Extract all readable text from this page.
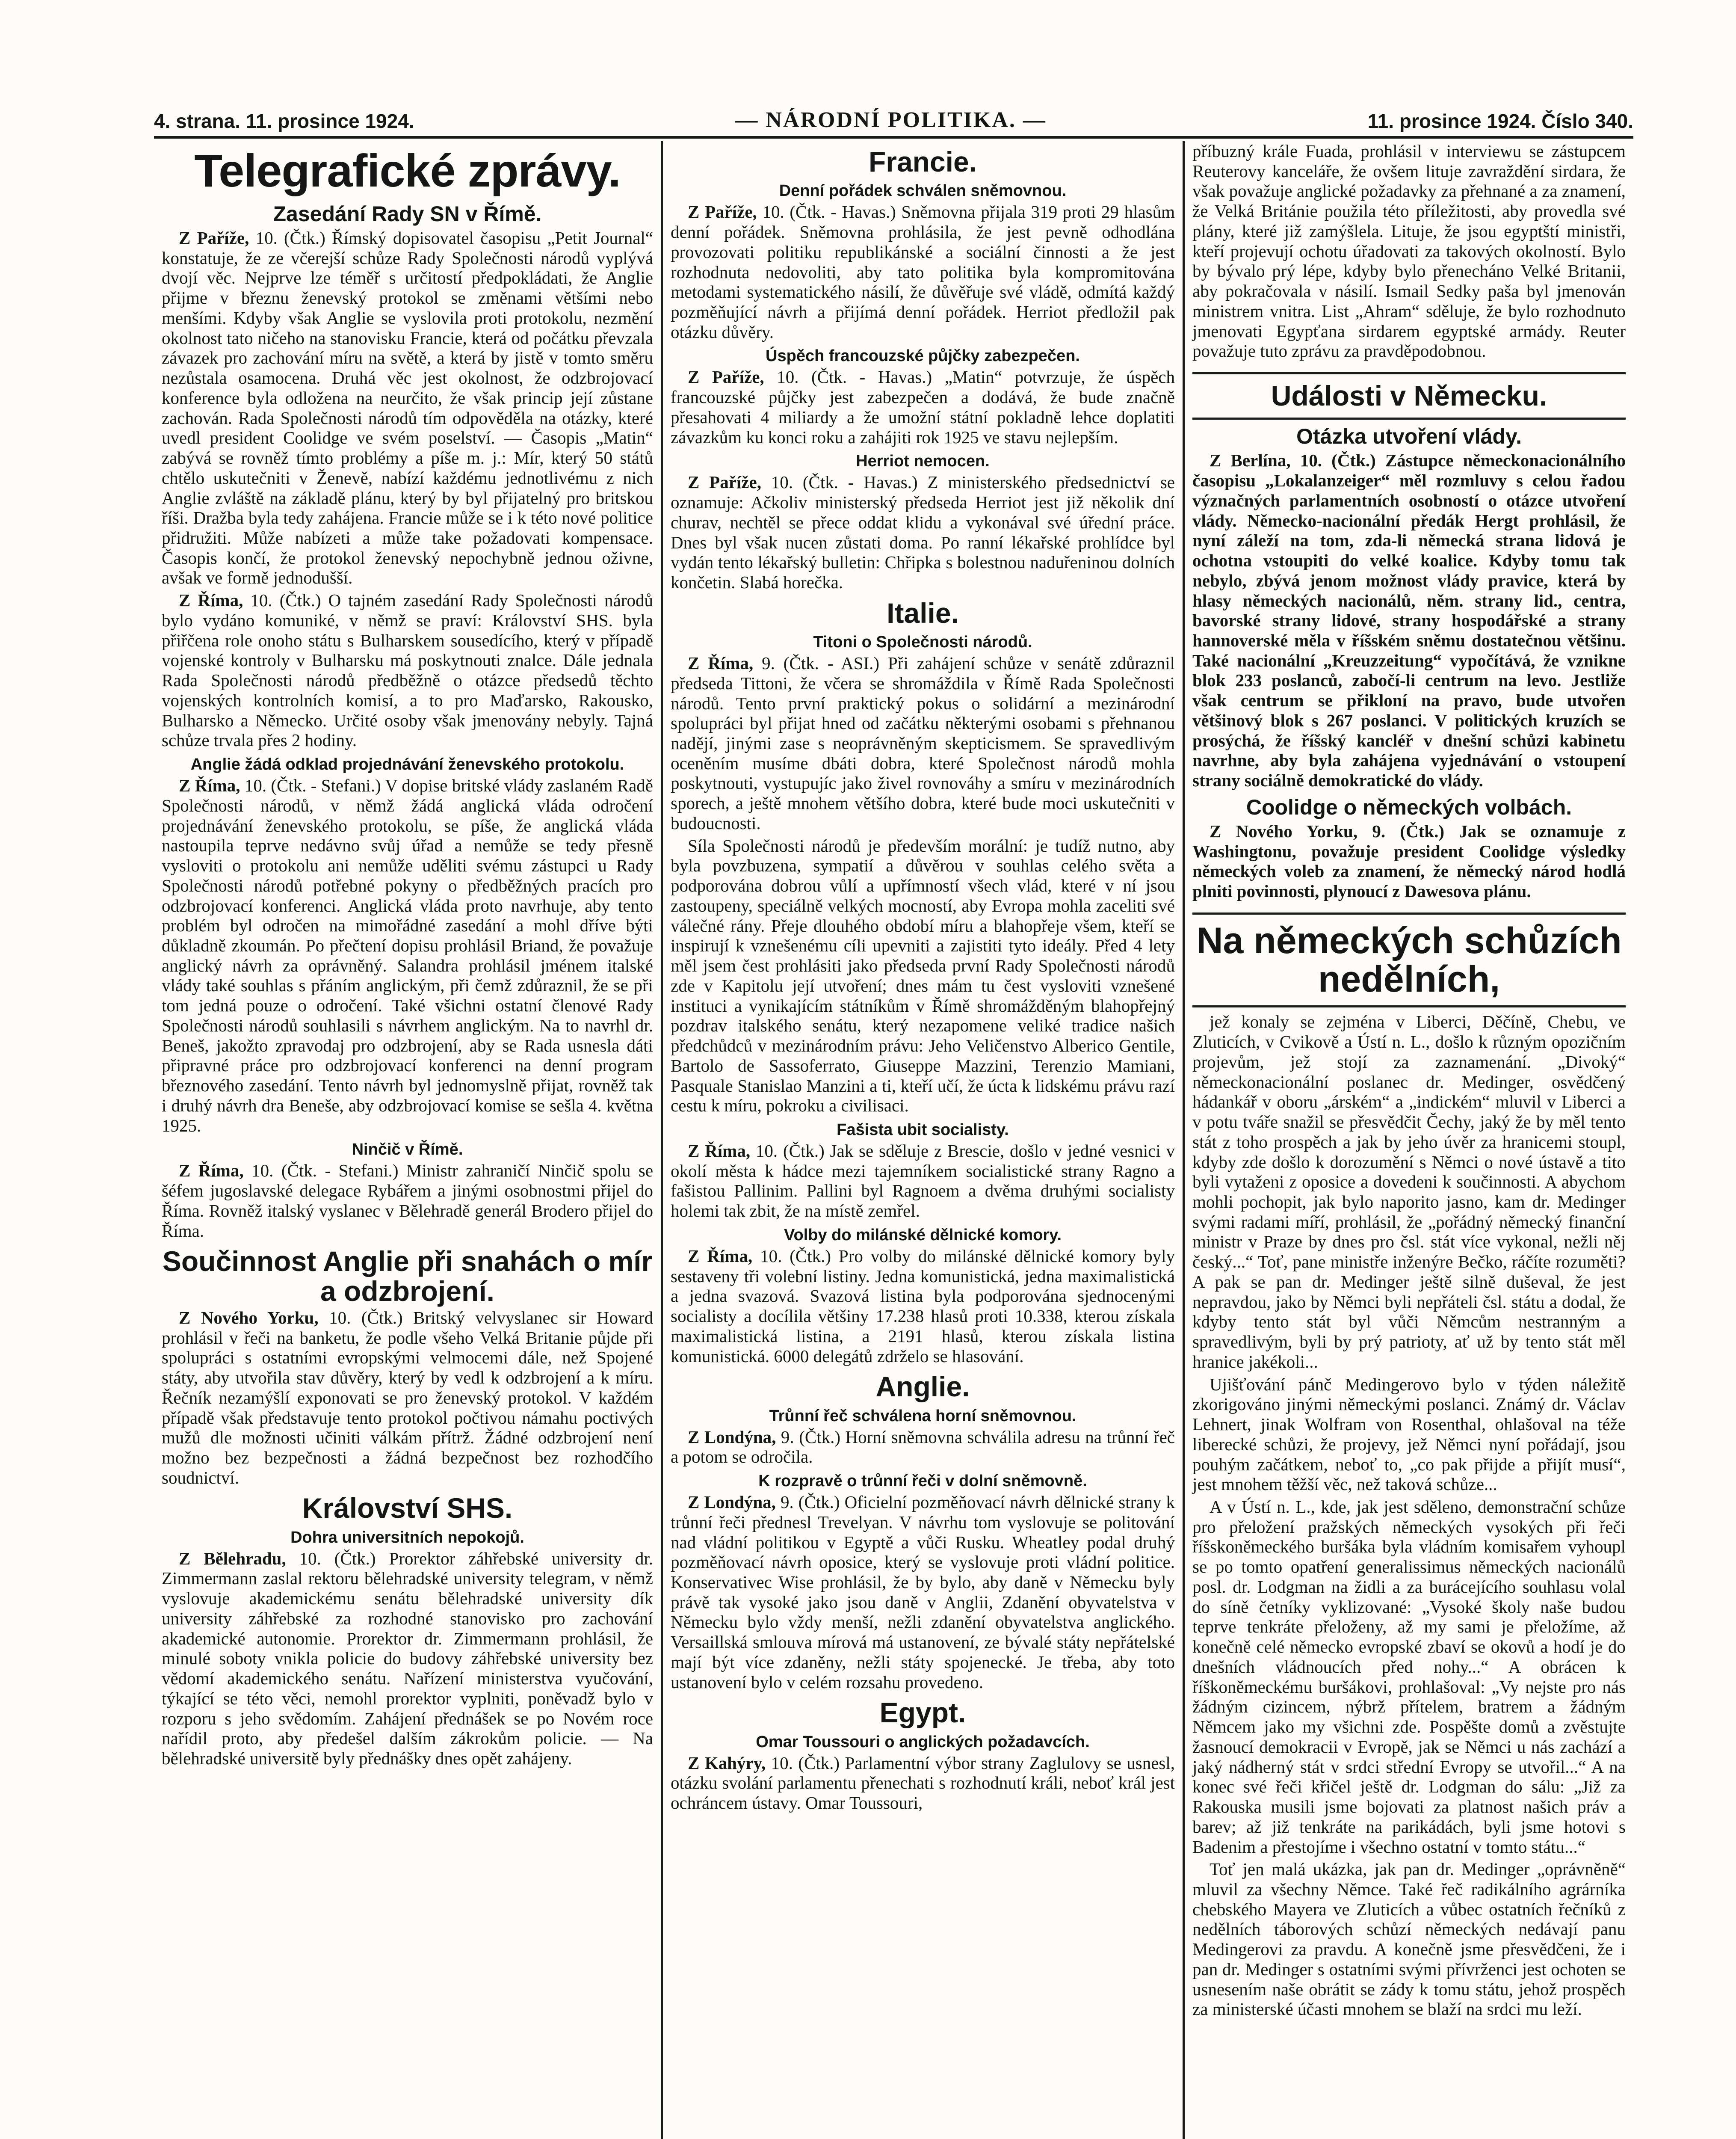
4. strana. 11. prosince 1924.	— NÁRODNÍ POLITIKA. —	11. prosince 1924. Číslo 340.
Telegrafické zprávy.
Zasedání Rady SN v Římě.

Z Paříže, 10. (Čtk.) Římský dopisovatel časopisu „Petit Journal“ konstatuje, že ze včerejší schůze Rady Společnosti národů vyplývá dvojí věc. Nejprve lze téměř s určitostí předpokládati, že Anglie přijme v březnu ženevský protokol se změnami většími nebo menšími. Kdyby však Anglie se vyslovila proti protokolu, nezmění okolnost tato ničeho na stanovisku Francie, která od počátku převzala závazek pro zachování míru na světě, a která by jistě v tomto směru nezůstala osamocena. Druhá věc jest okolnost, že odzbrojovací konference byla odložena na neurčito, že však princip její zůstane zachován. Rada Společnosti národů tím odpověděla na otázky, které uvedl president Coolidge ve svém poselství. — Časopis „Matin“ zabývá se rovněž tímto problémy a píše m. j.: Mír, který 50 států chtělo uskutečniti v Ženevě, nabízí každému jednotlivému z nich Anglie zvláště na základě plánu, který by byl přijatelný pro britskou říši. Dražba byla tedy zahájena. Francie může se i k této nové politice přidružiti. Může nabízeti a může take požadovati kompensace. Časopis končí, že protokol ženevský nepochybně jednou oživne, avšak ve formě jednodušší.

Z Říma, 10. (Čtk.) O tajném zasedání Rady Společnosti národů bylo vydáno komuniké, v němž se praví: Království SHS. byla přiřčena role onoho státu s Bulharskem sousedícího, který v případě vojenské kontroly v Bulharsku má poskytnouti znalce. Dále jednala Rada Společnosti národů předběžně o otázce předsedů těchto vojenských kontrolních komisí, a to pro Maďarsko, Rakousko, Bulharsko a Německo. Určité osoby však jmenovány nebyly. Tajná schůze trvala přes 2 hodiny.

Anglie žádá odklad projednávání ženevského protokolu.

Z Říma, 10. (Čtk. - Stefani.) V dopise britské vlády zaslaném Radě Společnosti národů, v němž žádá anglická vláda odročení projednávání ženevského protokolu, se píše, že anglická vláda nastoupila teprve nedávno svůj úřad a nemůže se tedy přesně vysloviti o protokolu ani nemůže uděliti svému zástupci u Rady Společnosti národů potřebné pokyny o předběžných pracích pro odzbrojovací konferenci. Anglická vláda proto navrhuje, aby tento problém byl odročen na mimořádné zasedání a mohl dříve býti důkladně zkoumán. Po přečtení dopisu prohlásil Briand, že považuje anglický návrh za oprávněný. Salandra prohlásil jménem italské vlády také souhlas s přáním anglickým, při čemž zdůraznil, že se při tom jedná pouze o odročení. Také všichni ostatní členové Rady Společnosti národů souhlasili s návrhem anglickým. Na to navrhl dr. Beneš, jakožto zpravodaj pro odzbrojení, aby se Rada usnesla dáti připravné práce pro odzbrojovací konferenci na denní program březnového zasedání. Tento návrh byl jednomyslně přijat, rovněž tak i druhý návrh dra Beneše, aby odzbrojovací komise se sešla 4. května 1925.

Ninčič v Římě.

Z Říma, 10. (Čtk. - Stefani.) Ministr zahraničí Ninčič spolu se šéfem jugoslavské delegace Rybářem a jinými osobnostmi přijel do Říma. Rovněž italský vyslanec v Bělehradě generál Brodero přijel do Říma.

Součinnost Anglie při snahách o mír a odzbrojení.

Z Nového Yorku, 10. (Čtk.) Britský velvyslanec sir Howard prohlásil v řeči na banketu, že podle všeho Velká Britanie půjde při spolupráci s ostatními evropskými velmocemi dále, než Spojené státy, aby utvořila stav důvěry, který by vedl k odzbrojení a k míru. Řečník nezamýšlí exponovati se pro ženevský protokol. V každém případě však představuje tento protokol počtivou námahu poctivých mužů dle možnosti učiniti válkám přítrž. Žádné odzbrojení není možno bez bezpečnosti a žádná bezpečnost bez rozhodčího soudnictví.

Království SHS.
Dohra universitních nepokojů.

Z Bělehradu, 10. (Čtk.) Prorektor záhřebské university dr. Zimmermann zaslal rektoru bělehradské university telegram, v němž vyslovuje akademickému senátu bělehradské university dík university záhřebské za rozhodné stanovisko pro zachování akademické autonomie. Prorektor dr. Zimmermann prohlásil, že minulé soboty vnikla policie do budovy záhřebské university bez vědomí akademického senátu. Nařízení ministerstva vyučování, týkající se této věci, nemohl prorektor vyplniti, poněvadž bylo v rozporu s jeho svědomím. Zahájení přednášek se po Novém roce nařídil proto, aby předešel dalším zákrokům policie. — Na bělehradské universitě byly přednášky dnes opět zahájeny.

Francie.
Denní pořádek schválen sněmovnou.

Z Paříže, 10. (Čtk. - Havas.) Sněmovna přijala 319 proti 29 hlasům denní pořádek. Sněmovna prohlásila, že jest pevně odhodlána provozovati politiku republikánské a sociální činnosti a že jest rozhodnuta nedovoliti, aby tato politika byla kompromitována metodami systematického násilí, že důvěřuje své vládě, odmítá každý pozměňující návrh a přijímá denní pořádek. Herriot předložil pak otázku důvěry.

Úspěch francouzské půjčky zabezpečen.

Z Paříže, 10. (Čtk. - Havas.) „Matin“ potvrzuje, že úspěch francouzské půjčky jest zabezpečen a dodává, že bude značně přesahovati 4 miliardy a že umožní státní pokladně lehce doplatiti závazkům ku konci roku a zahájiti rok 1925 ve stavu nejlepším.

Herriot nemocen.

Z Paříže, 10. (Čtk. - Havas.) Z ministerského předsednictví se oznamuje: Ačkoliv ministerský předseda Herriot jest již několik dní churav, nechtěl se přece oddat klidu a vykonával své úřední práce. Dnes byl však nucen zůstati doma. Po ranní lékařské prohlídce byl vydán tento lékařský bulletin: Chřipka s bolestnou naduřeninou dolních končetin. Slabá horečka.

Italie.
Titoni o Společnosti národů.

Z Říma, 9. (Čtk. - ASI.) Při zahájení schůze v senátě zdůraznil předseda Tittoni, že včera se shromáždila v Římě Rada Společnosti národů. Tento první praktický pokus o solidární a mezinárodní spolupráci byl přijat hned od začátku některými osobami s přehnanou nadějí, jinými zase s neoprávněným skepticismem. Se spravedlivým oceněním musíme dbáti dobra, které Společnost národů mohla poskytnouti, vystupujíc jako živel rovnováhy a smíru v mezinárodních sporech, a ještě mnohem většího dobra, které bude moci uskutečniti v budoucnosti.

Síla Společnosti národů je především morální: je tudíž nutno, aby byla povzbuzena, sympatií a důvěrou v souhlas celého světa a podporována dobrou vůlí a upřímností všech vlád, které v ní jsou zastoupeny, speciálně velkých mocností, aby Evropa mohla zaceliti své válečné rány. Přeje dlouhého období míru a blahopřeje všem, kteří se inspirují k vznešenému cíli upevniti a zajistiti tyto ideály. Před 4 lety měl jsem čest prohlásiti jako předseda první Rady Společnosti národů zde v Kapitolu její utvoření; dnes mám tu čest vysloviti vznešené instituci a vynikajícím státníkům v Římě shromážděným blahopřejný pozdrav italského senátu, který nezapomene veliké tradice našich předchůdců v mezinárodním právu: Jeho Veličenstvo Alberico Gentile, Bartolo de Sassoferrato, Giuseppe Mazzini, Terenzio Mamiani, Pasquale Stanislao Manzini a ti, kteří učí, že úcta k lidskému právu razí cestu k míru, pokroku a civilisaci.

Fašista ubit socialisty.

Z Říma, 10. (Čtk.) Jak se sděluje z Brescie, došlo v jedné vesnici v okolí města k hádce mezi tajemníkem socialistické strany Ragno a fašistou Pallinim. Pallini byl Ragnoem a dvěma druhými socialisty holemi tak zbit, že na místě zemřel.

Volby do milánské dělnické komory.

Z Říma, 10. (Čtk.) Pro volby do milánské dělnické komory byly sestaveny tři volební listiny. Jedna komunistická, jedna maximalistická a jedna svazová. Svazová listina byla podporována sjednocenými socialisty a docílila většiny 17.238 hlasů proti 10.338, kterou získala maximalistická listina, a 2191 hlasů, kterou získala listina komunistická. 6000 delegátů zdrželo se hlasování.

Anglie.
Trůnní řeč schválena horní sněmovnou.

Z Londýna, 9. (Čtk.) Horní sněmovna schválila adresu na trůnní řeč a potom se odročila.

K rozpravě o trůnní řeči v dolní sněmovně.

Z Londýna, 9. (Čtk.) Oficielní pozměňovací návrh dělnické strany k trůnní řeči přednesl Trevelyan. V návrhu tom vyslovuje se politování nad vládní politikou v Egyptě a vůči Rusku. Wheatley podal druhý pozměňovací návrh oposice, který se vyslovuje proti vládní politice. Konservativec Wise prohlásil, že by bylo, aby daně v Německu byly právě tak vysoké jako jsou daně v Anglii, Zdanění obyvatelstva v Německu bylo vždy menší, nežli zdanění obyvatelstva anglického. Versaillská smlouva mírová má ustanovení, ze bývalé státy nepřátelské mají být více zdaněny, nežli státy spojenecké. Je třeba, aby toto ustanovení bylo v celém rozsahu provedeno.

Egypt.
Omar Toussouri o anglických požadavcích.

Z Kahýry, 10. (Čtk.) Parlamentní výbor strany Zaglulovy se usnesl, otázku svolání parlamentu přenechati s rozhodnutí králi, neboť král jest ochráncem ústavy. Omar Toussouri,

příbuzný krále Fuada, prohlásil v interviewu se zástupcem Reuterovy kanceláře, že ovšem lituje zavraždění sirdara, že však považuje anglické požadavky za přehnané a za znamení, že Velká Británie použila této příležitosti, aby provedla své plány, které již zamýšlela. Lituje, že jsou egyptští ministři, kteří projevují ochotu úřadovati za takových okolností. Bylo by bývalo prý lépe, kdyby bylo přenecháno Velké Britanii, aby pokračovala v násilí. Ismail Sedky paša byl jmenován ministrem vnitra. List „Ahram“ sděluje, že bylo rozhodnuto jmenovati Egypťana sirdarem egyptské armády. Reuter považuje tuto zprávu za pravděpodobnou.

Události v Německu.
Otázka utvoření vlády.

Z Berlína, 10. (Čtk.) Zástupce německonacionálního časopisu „Lokalanzeiger“ měl rozmluvy s celou řadou význačných parlamentních osobností o otázce utvoření vlády. Německo-nacionální předák Hergt prohlásil, že nyní záleží na tom, zda-li německá strana lidová je ochotna vstoupiti do velké koalice. Kdyby tomu tak nebylo, zbývá jenom možnost vlády pravice, která by hlasy německých nacionálů, něm. strany lid., centra, bavorské strany lidové, strany hospodářské a strany hannoverské měla v říšském sněmu dostatečnou většinu. Také nacionální „Kreuzzeitung“ vypočítává, že vznikne blok 233 poslanců, zabočí-li centrum na levo. Jestliže však centrum se přikloní na pravo, bude utvořen většinový blok s 267 poslanci. V politických kruzích se prosýchá, že říšský kancléř v dnešní schůzi kabinetu navrhne, aby byla zahájena vyjednávání o vstoupení strany sociálně demokratické do vlády.

Coolidge o německých volbách.

Z Nového Yorku, 9. (Čtk.) Jak se oznamuje z Washingtonu, považuje president Coolidge výsledky německých voleb za znamení, že německý národ hodlá plniti povinnosti, plynoucí z Dawesova plánu.

Na německých schůzích nedělních,

jež konaly se zejména v Liberci, Děčíně, Chebu, ve Zluticích, v Cvikově a Ústí n. L., došlo k různým opozičním projevům, jež stojí za zaznamenání. „Divoký“ německonacionální poslanec dr. Medinger, osvědčený hádankář v oboru „árském“ a „indickém“ mluvil v Liberci a v potu tváře snažil se přesvědčit Čechy, jaký že by měl tento stát z toho prospěch a jak by jeho úvěr za hranicemi stoupl, kdyby zde došlo k dorozumění s Němci o nové ústavě a tito byli vytaženi z oposice a dovedeni k součinnosti. A abychom mohli pochopit, jak bylo naporito jasno, kam dr. Medinger svými radami míří, prohlásil, že „pořádný německý finanční ministr v Praze by dnes pro čsl. stát více vykonal, nežli něj český...“ Toť, pane ministře inženýre Bečko, ráčíte rozuměti? A pak se pan dr. Medinger ještě silně duševal, že jest nepravdou, jako by Němci byli nepřáteli čsl. státu a dodal, že kdyby tento stát byl vůči Němcům nestranným a spravedlivým, byli by prý patrioty, ať už by tento stát měl hranice jakékoli...

Ujišťování pánč Medingerovo bylo v týden náležitě zkorigováno jinými německými poslanci. Známý dr. Václav Lehnert, jinak Wolfram von Rosenthal, ohlašoval na téže liberecké schůzi, že projevy, jež Němci nyní pořádají, jsou pouhým začátkem, neboť to, „co pak přijde a přijít musí“, jest mnohem těžší věc, než taková schůze...

A v Ústí n. L., kde, jak jest sděleno, demonstrační schůze pro přeložení pražských německých vysokých při řeči říšskoněmeckého buršáka byla vládním komisařem vyhoupl se po tomto opatření generalissimus německých nacionálů posl. dr. Lodgman na židli a za burácejícího souhlasu volal do síně četníky vyklizované: „Vysoké školy naše budou teprve tenkráte přeloženy, až my sami je přeložíme, až konečně celé německo evropské zbaví se okovů a hodí je do dnešních vládnoucích před nohy...“ A obrácen k říškoněmeckému buršákovi, prohlašoval: „Vy nejste pro nás žádným cizincem, nýbrž přítelem, bratrem a žádným Němcem jako my všichni zde. Pospěšte domů a zvěstujte žasnoucí demokracii v Evropě, jak se Němci u nás zachází a jaký nádherný stát v srdci střední Evropy se utvořil...“ A na konec své řeči křičel ještě dr. Lodgman do sálu: „Již za Rakouska musili jsme bojovati za platnost našich práv a barev; až již tenkráte na parikádách, byli jsme hotovi s Badenim a přestojíme i všechno ostatní v tomto státu...“

Toť jen malá ukázka, jak pan dr. Medinger „oprávněně“ mluvil za všechny Němce. Také řeč radikálního agrárníka chebského Mayera ve Zluticích a vůbec ostatních řečníků z nedělních táborových schůzí německých nedávají panu Medingerovi za pravdu. A konečně jsme přesvědčeni, že i pan dr. Medinger s ostatními svými přívrženci jest ochoten se usnesením naše obrátit se zády k tomu státu, jehož prospěch za ministerské účasti mnohem se blaží na srdci mu leží.
